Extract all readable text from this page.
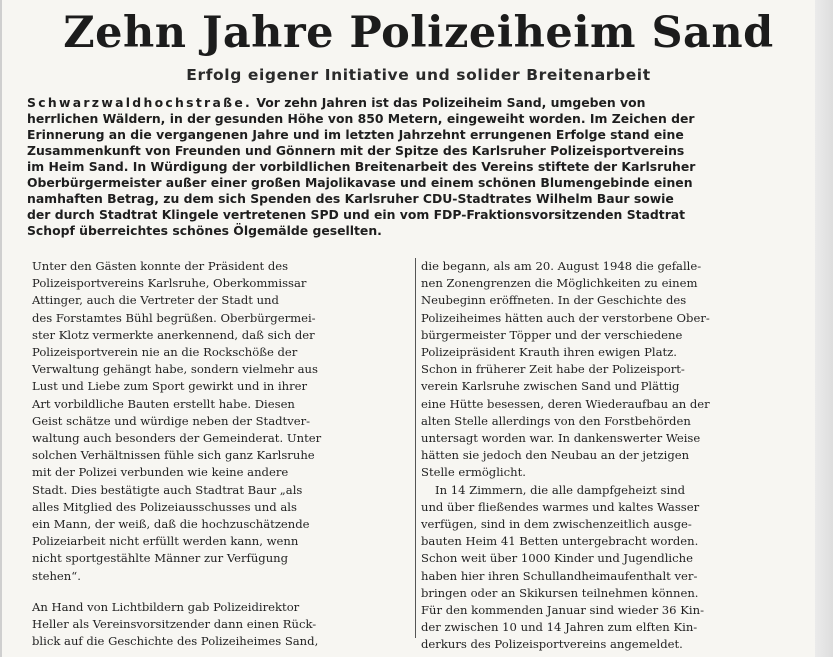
Zehn Jahre Polizeiheim Sand
Erfolg eigener Initiative und solider Breitenarbeit
Schwarzwaldhochstraße. Vor zehn Jahren ist das Polizeiheim Sand, umgeben von
herrlichen Wäldern, in der gesunden Höhe von 850 Metern, eingeweiht worden. Im Zeichen der
Erinnerung an die vergangenen Jahre und im letzten Jahrzehnt errungenen Erfolge stand eine
Zusammenkunft von Freunden und Gönnern mit der Spitze des Karlsruher Polizeisportvereins
im Heim Sand. In Würdigung der vorbildlichen Breitenarbeit des Vereins stiftete der Karlsruher
Oberbürgermeister außer einer großen Majolikavase und einem schönen Blumengebinde einen
namhaften Betrag, zu dem sich Spenden des Karlsruher CDU-Stadtrates Wilhelm Baur sowie
der durch Stadtrat Klingele vertretenen SPD und ein vom FDP-Fraktionsvorsitzenden Stadtrat
Schopf überreichtes schönes Ölgemälde gesellten.
Unter den Gästen konnte der Präsident des
Polizeisportvereins Karlsruhe, Oberkommissar
Attinger, auch die Vertreter der Stadt und
des Forstamtes Bühl begrüßen. Oberbürgermei-
ster Klotz vermerkte anerkennend, daß sich der
Polizeisportverein nie an die Rockschöße der
Verwaltung gehängt habe, sondern vielmehr aus
Lust und Liebe zum Sport gewirkt und in ihrer
Art vorbildliche Bauten erstellt habe. Diesen
Geist schätze und würdige neben der Stadtver-
waltung auch besonders der Gemeinderat. Unter
solchen Verhältnissen fühle sich ganz Karlsruhe
mit der Polizei verbunden wie keine andere
Stadt. Dies bestätigte auch Stadtrat Baur „als
alles Mitglied des Polizeiausschusses und als
ein Mann, der weiß, daß die hochzuschätzende
Polizeiarbeit nicht erfüllt werden kann, wenn
nicht sportgestählte Männer zur Verfügung
stehen“.
An Hand von Lichtbildern gab Polizeidirektor
Heller als Vereinsvorsitzender dann einen Rück-
blick auf die Geschichte des Polizeiheimes Sand,
die begann, als am 20. August 1948 die gefalle-
nen Zonengrenzen die Möglichkeiten zu einem
Neubeginn eröffneten. In der Geschichte des
Polizeiheimes hätten auch der verstorbene Ober-
bürgermeister Töpper und der verschiedene
Polizeipräsident Krauth ihren ewigen Platz.
Schon in früherer Zeit habe der Polizeisport-
verein Karlsruhe zwischen Sand und Plättig
eine Hütte besessen, deren Wiederaufbau an der
alten Stelle allerdings von den Forstbehörden
untersagt worden war. In dankenswerter Weise
hätten sie jedoch den Neubau an der jetzigen
Stelle ermöglicht.
In 14 Zimmern, die alle dampfgeheizt sind
und über fließendes warmes und kaltes Wasser
verfügen, sind in dem zwischenzeitlich ausge-
bauten Heim 41 Betten untergebracht worden.
Schon weit über 1000 Kinder und Jugendliche
haben hier ihren Schullandheimaufenthalt ver-
bringen oder an Skikursen teilnehmen können.
Für den kommenden Januar sind wieder 36 Kin-
der zwischen 10 und 14 Jahren zum elften Kin-
derkurs des Polizeisportvereins angemeldet.
